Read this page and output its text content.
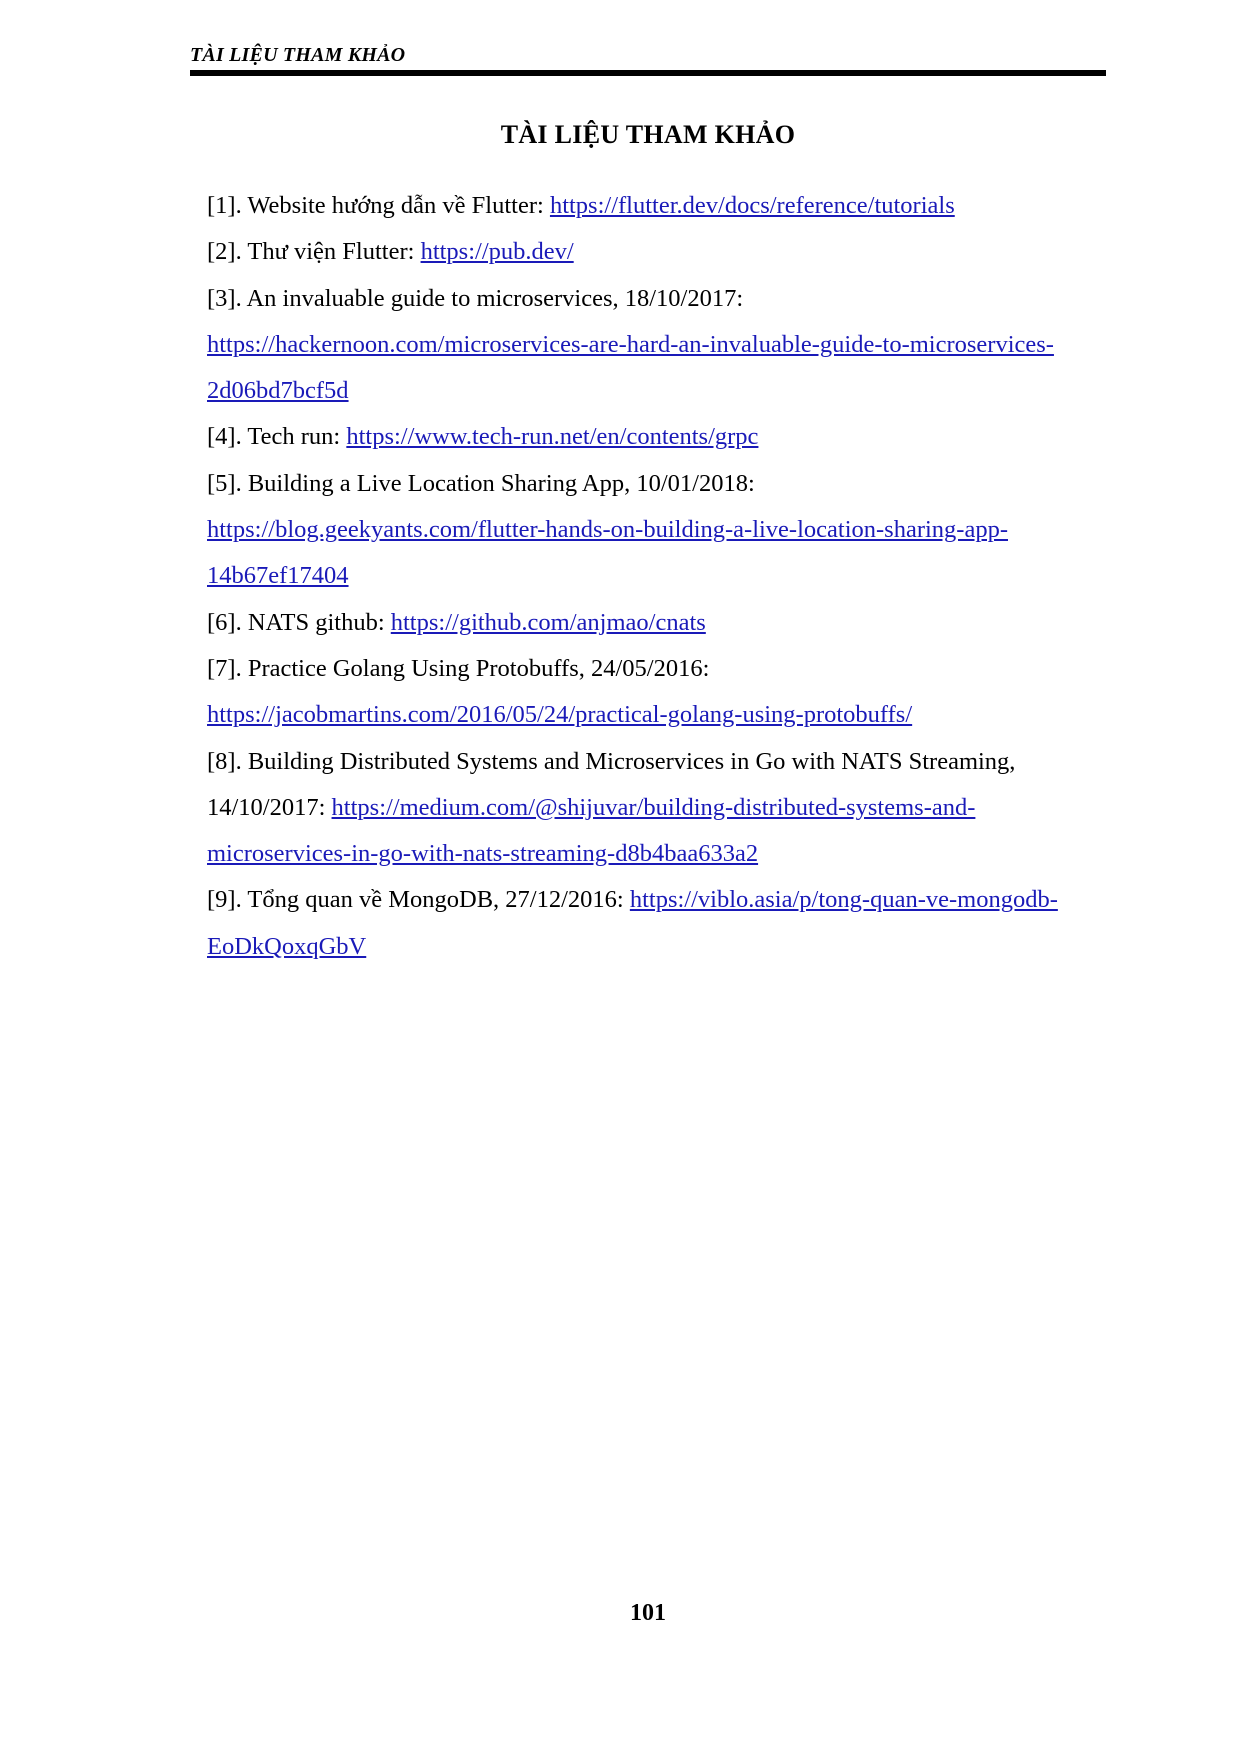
TÀI LIỆU THAM KHẢO
TÀI LIỆU THAM KHẢO
[1]. Website hướng dẫn về Flutter: https://flutter.dev/docs/reference/tutorials
[2]. Thư viện Flutter: https://pub.dev/
[3]. An invaluable guide to microservices, 18/10/2017:
https://hackernoon.com/microservices-are-hard-an-invaluable-guide-to-microservices-2d06bd7bcf5d
[4]. Tech run: https://www.tech-run.net/en/contents/grpc
[5]. Building a Live Location Sharing App, 10/01/2018:
https://blog.geekyants.com/flutter-hands-on-building-a-live-location-sharing-app-14b67ef17404
[6]. NATS github: https://github.com/anjmao/cnats
[7]. Practice Golang Using Protobuffs, 24/05/2016:
https://jacobmartins.com/2016/05/24/practical-golang-using-protobuffs/
[8]. Building Distributed Systems and Microservices in Go with NATS Streaming, 14/10/2017: https://medium.com/@shijuvar/building-distributed-systems-and-microservices-in-go-with-nats-streaming-d8b4baa633a2
[9]. Tổng quan về MongoDB, 27/12/2016: https://viblo.asia/p/tong-quan-ve-mongodb-EoDkQoxqGbV
101
